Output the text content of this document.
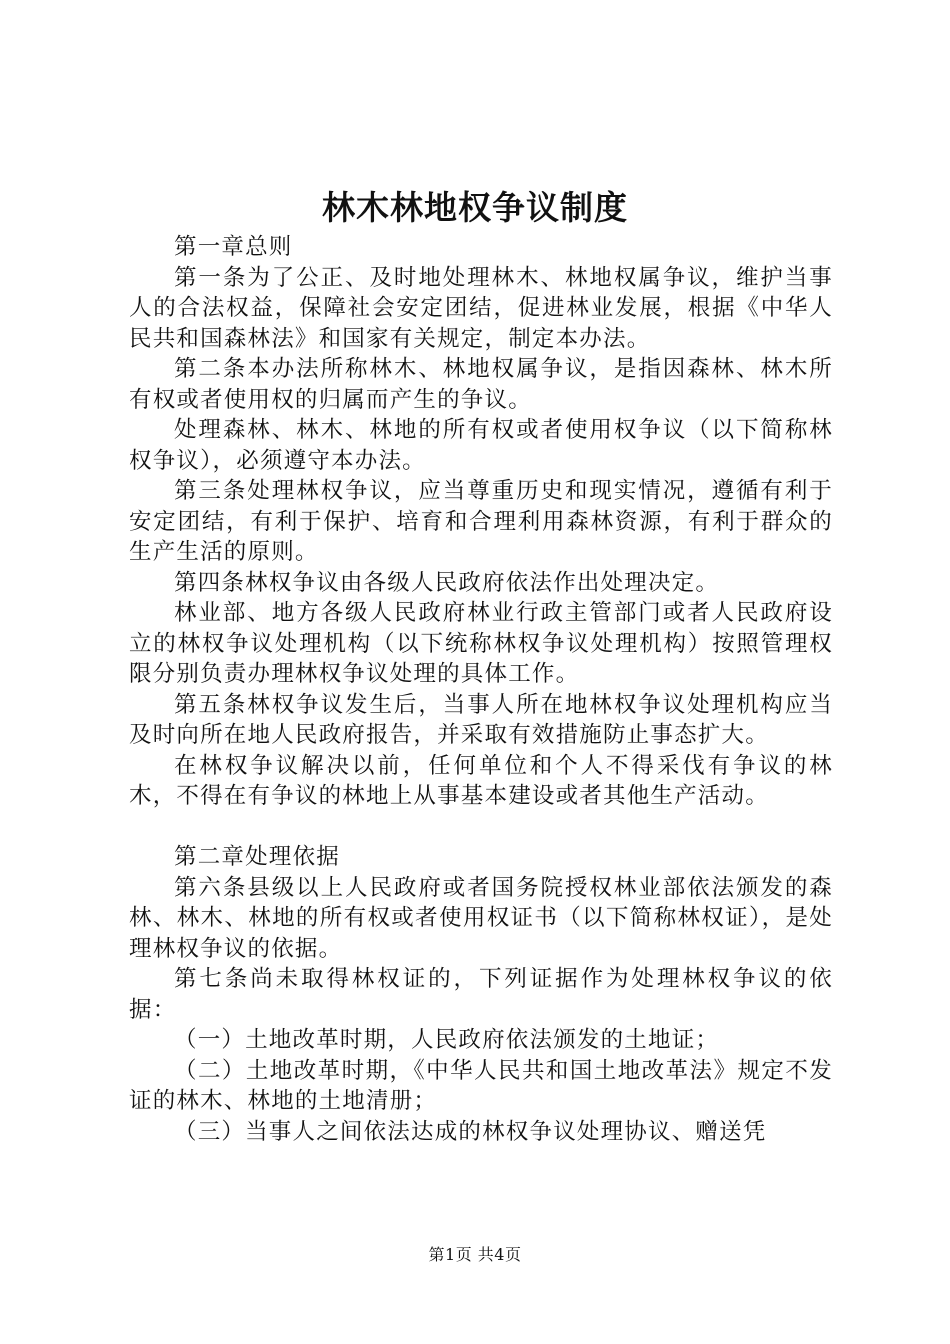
林木林地权争议制度

第一章总则

第一条为了公正、及时地处理林木、林地权属争议，维护当事人的合法权益，保障社会安定团结，促进林业发展，根据《中华人民共和国森林法》和国家有关规定，制定本办法。

第二条本办法所称林木、林地权属争议，是指因森林、林木所有权或者使用权的归属而产生的争议。

处理森林、林木、林地的所有权或者使用权争议（以下简称林权争议），必须遵守本办法。

第三条处理林权争议，应当尊重历史和现实情况，遵循有利于安定团结，有利于保护、培育和合理利用森林资源，有利于群众的生产生活的原则。

第四条林权争议由各级人民政府依法作出处理决定。

林业部、地方各级人民政府林业行政主管部门或者人民政府设立的林权争议处理机构（以下统称林权争议处理机构）按照管理权限分别负责办理林权争议处理的具体工作。

第五条林权争议发生后，当事人所在地林权争议处理机构应当及时向所在地人民政府报告，并采取有效措施防止事态扩大。

在林权争议解决以前，任何单位和个人不得采伐有争议的林木，不得在有争议的林地上从事基本建设或者其他生产活动。

第二章处理依据

第六条县级以上人民政府或者国务院授权林业部依法颁发的森林、林木、林地的所有权或者使用权证书（以下简称林权证），是处理林权争议的依据。

第七条尚未取得林权证的，下列证据作为处理林权争议的依据：

（一）土地改革时期，人民政府依法颁发的土地证；

（二）土地改革时期，《中华人民共和国土地改革法》规定不发证的林木、林地的土地清册；

（三）当事人之间依法达成的林权争议处理协议、赠送凭

第1页 共4页
